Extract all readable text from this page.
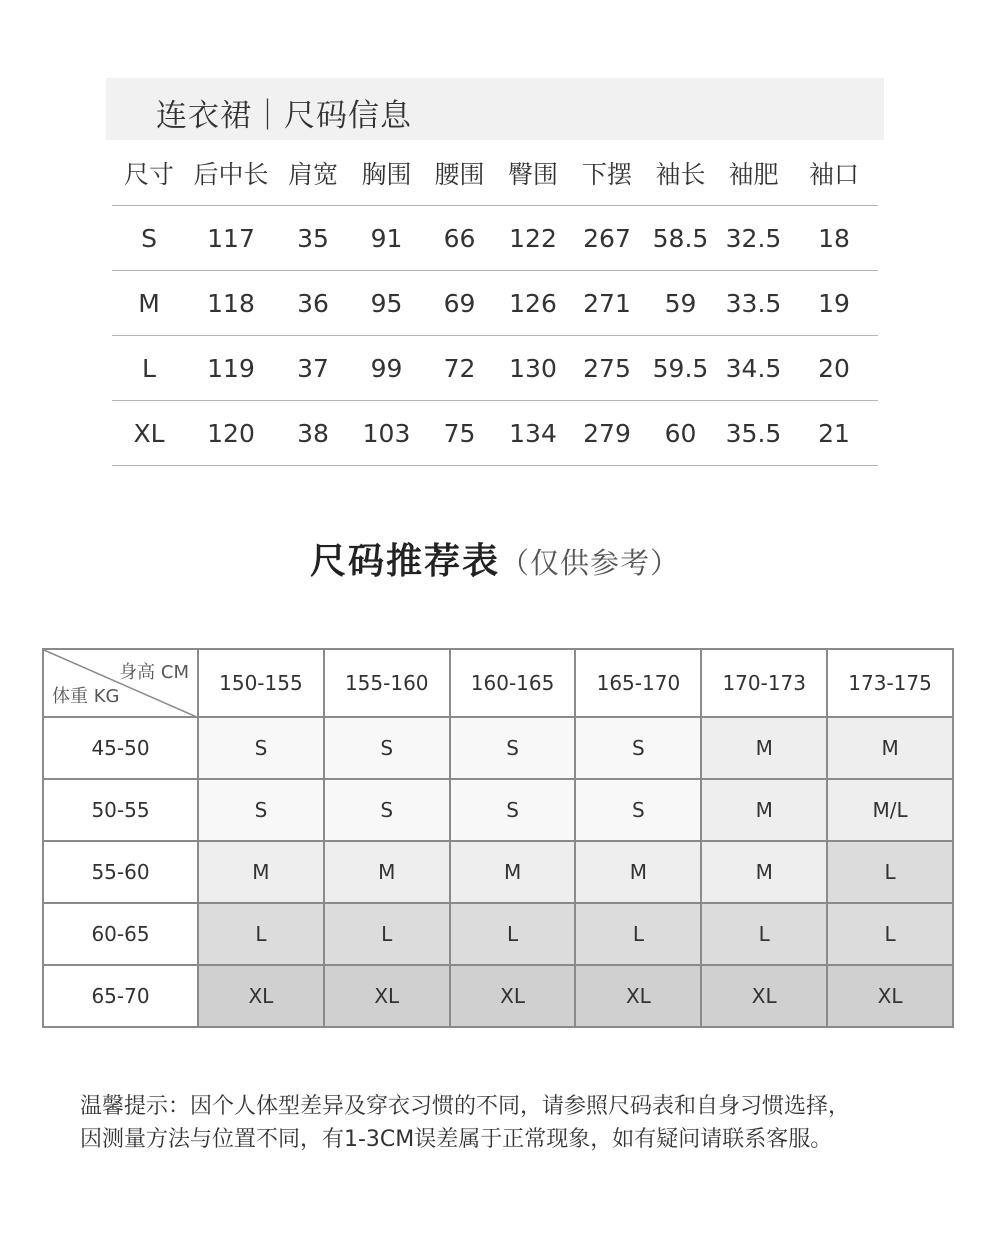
连衣裙｜尺码信息
尺寸	后中长	肩宽	胸围	腰围	臀围	下摆	袖长	袖肥	袖口
S	117	35	91	66	122	267	58.5	32.5	18
M	118	36	95	69	126	271	59	33.5	19
L	119	37	99	72	130	275	59.5	34.5	20
XL	120	38	103	75	134	279	60	35.5	21
尺码推荐表（仅供参考）
身高 CM
体重 KG	150-155	155-160	160-165	165-170	170-173	173-175
45-50	S	S	S	S	M	M
50-55	S	S	S	S	M	M/L
55-60	M	M	M	M	M	L
60-65	L	L	L	L	L	L
65-70	XL	XL	XL	XL	XL	XL
温馨提示：因个人体型差异及穿衣习惯的不同，请参照尺码表和自身习惯选择，
因测量方法与位置不同，有1-3CM误差属于正常现象，如有疑问请联系客服。
